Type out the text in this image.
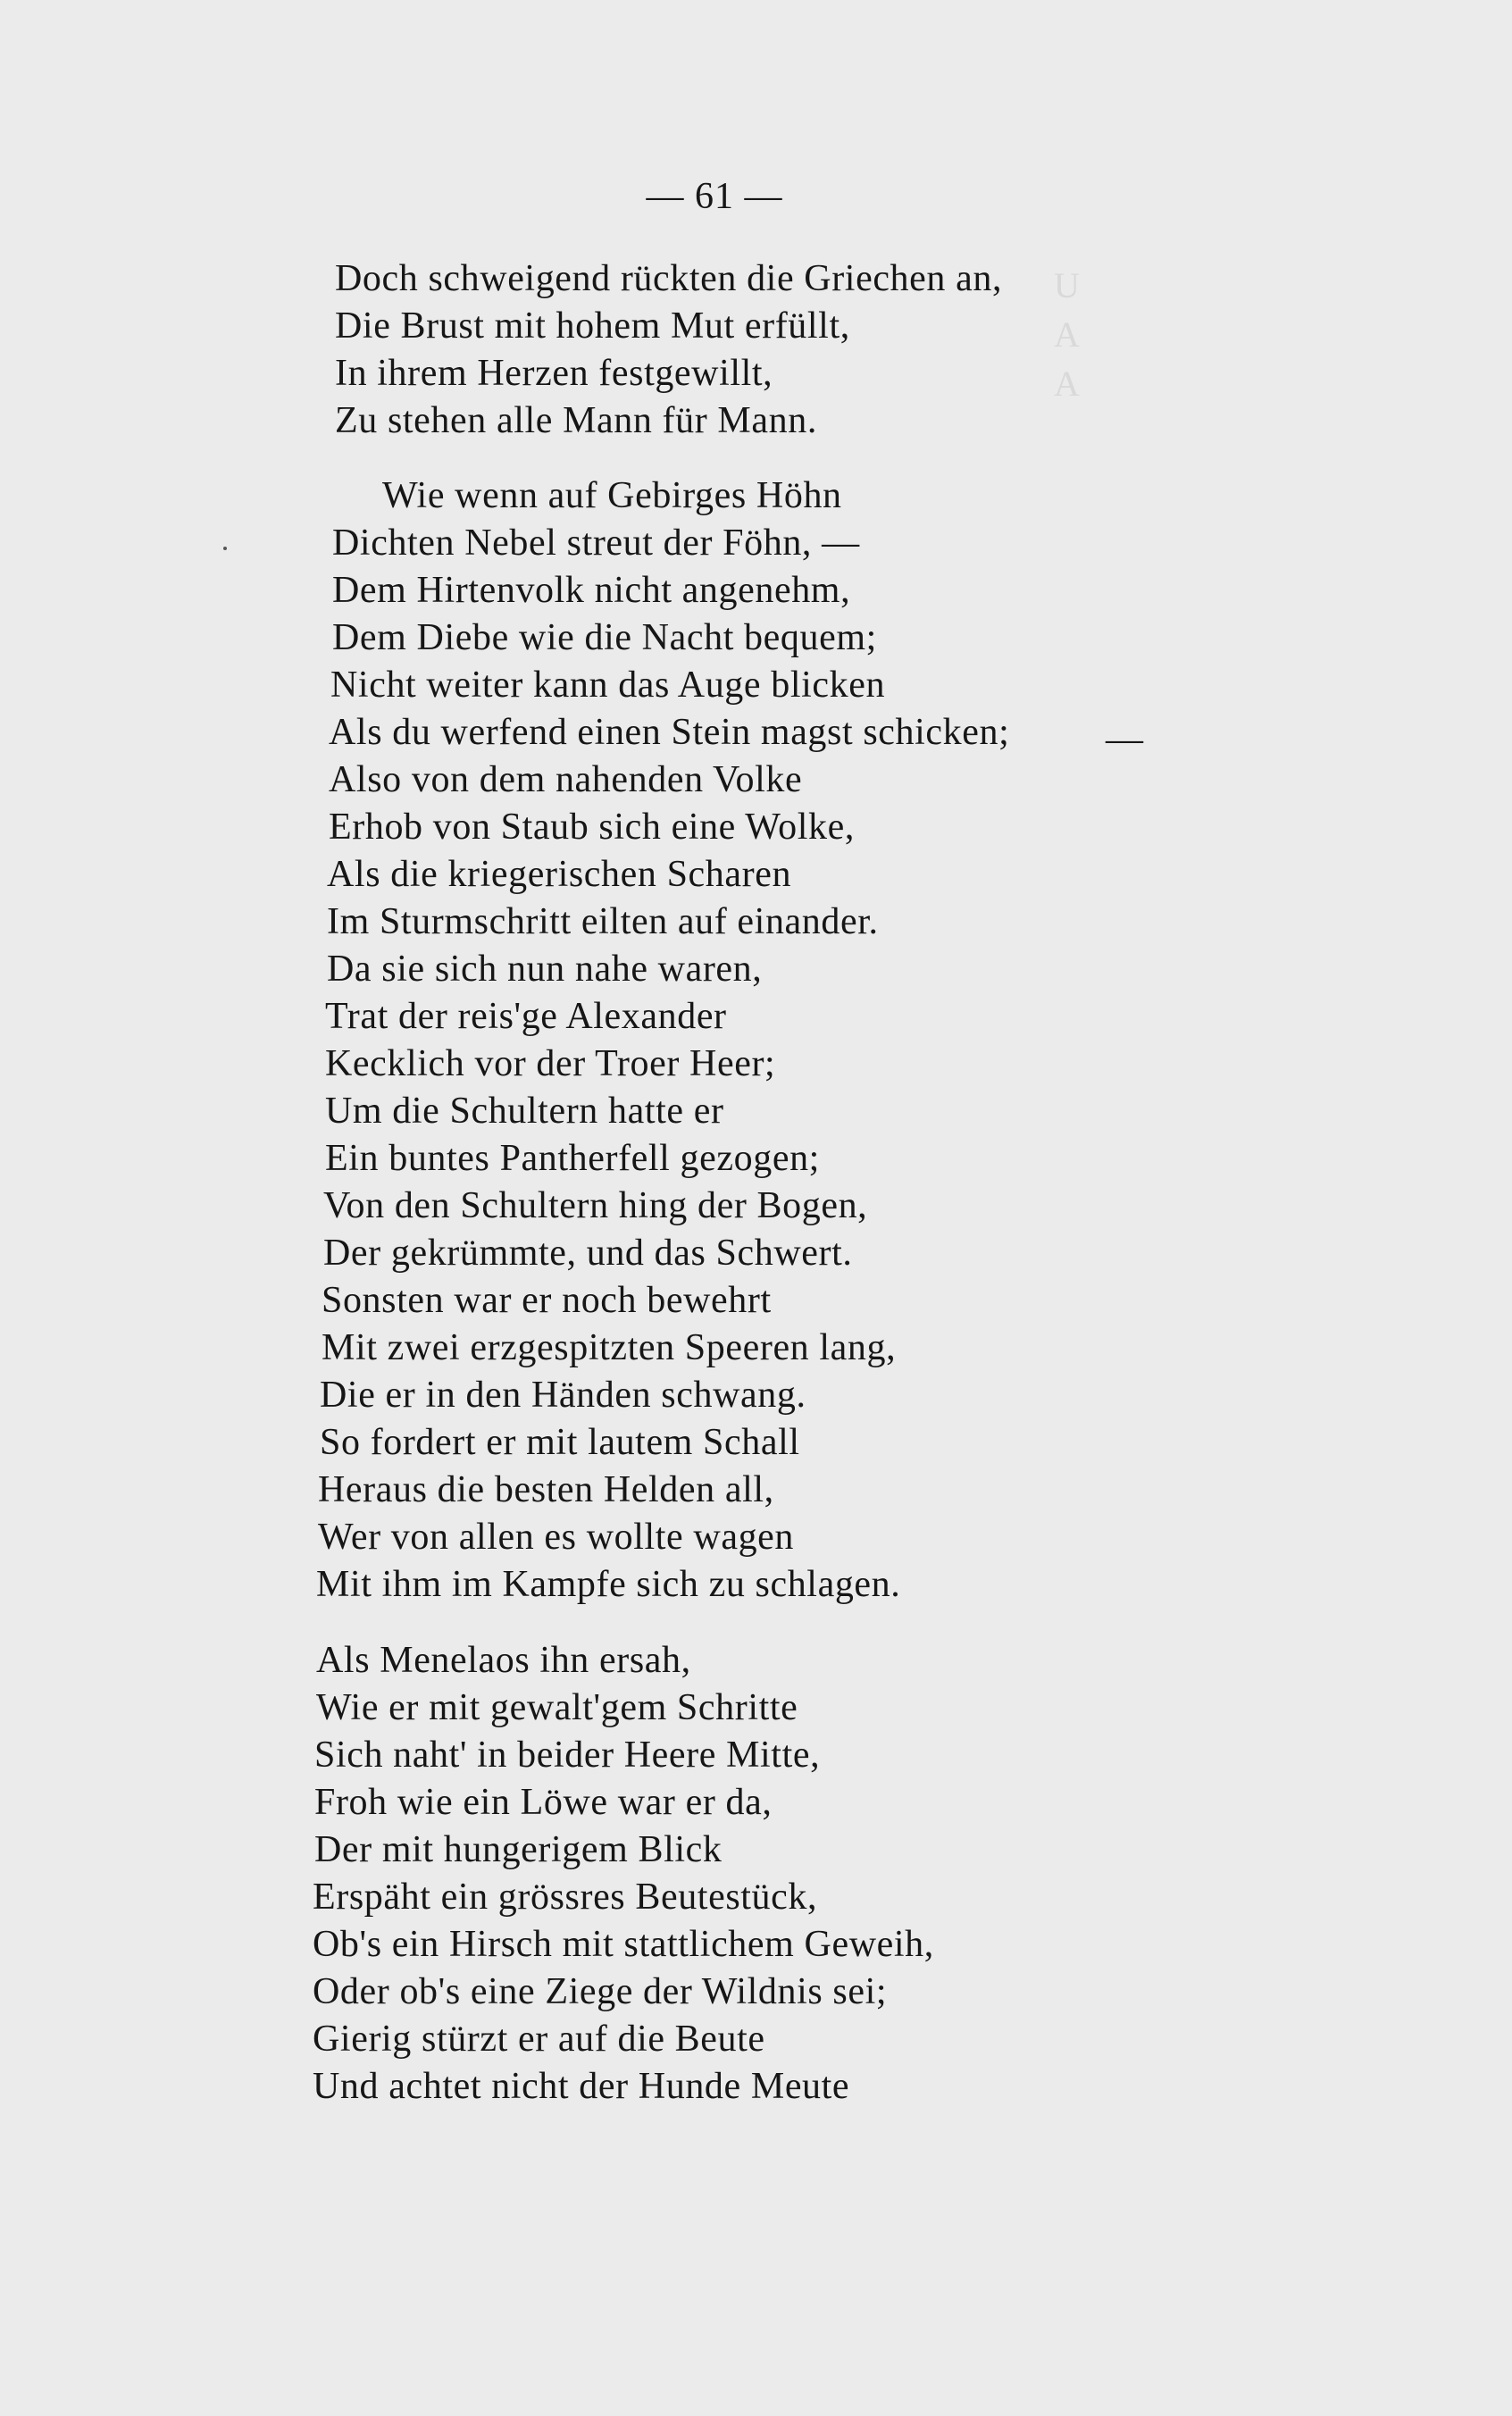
U
A
A
— 61 —
Doch schweigend rückten die Griechen an,
Die Brust mit hohem Mut erfüllt,
In ihrem Herzen festgewillt,
Zu stehen alle Mann für Mann.
Wie wenn auf Gebirges Höhn
Dichten Nebel streut der Föhn, —
Dem Hirtenvolk nicht angenehm,
Dem Diebe wie die Nacht bequem;
Nicht weiter kann das Auge blicken
Als du werfend einen Stein magst schicken;	—
Also von dem nahenden Volke
Erhob von Staub sich eine Wolke,
Als die kriegerischen Scharen
Im Sturmschritt eilten auf einander.
Da sie sich nun nahe waren,
Trat der reis'ge Alexander
Kecklich vor der Troer Heer;
Um die Schultern hatte er
Ein buntes Pantherfell gezogen;
Von den Schultern hing der Bogen,
Der gekrümmte, und das Schwert.
Sonsten war er noch bewehrt
Mit zwei erzgespitzten Speeren lang,
Die er in den Händen schwang.
So fordert er mit lautem Schall
Heraus die besten Helden all,
Wer von allen es wollte wagen
Mit ihm im Kampfe sich zu schlagen.
Als Menelaos ihn ersah,
Wie er mit gewalt'gem Schritte
Sich naht' in beider Heere Mitte,
Froh wie ein Löwe war er da,
Der mit hungerigem Blick
Erspäht ein grössres Beutestück,
Ob's ein Hirsch mit stattlichem Geweih,
Oder ob's eine Ziege der Wildnis sei;
Gierig stürzt er auf die Beute
Und achtet nicht der Hunde Meute
